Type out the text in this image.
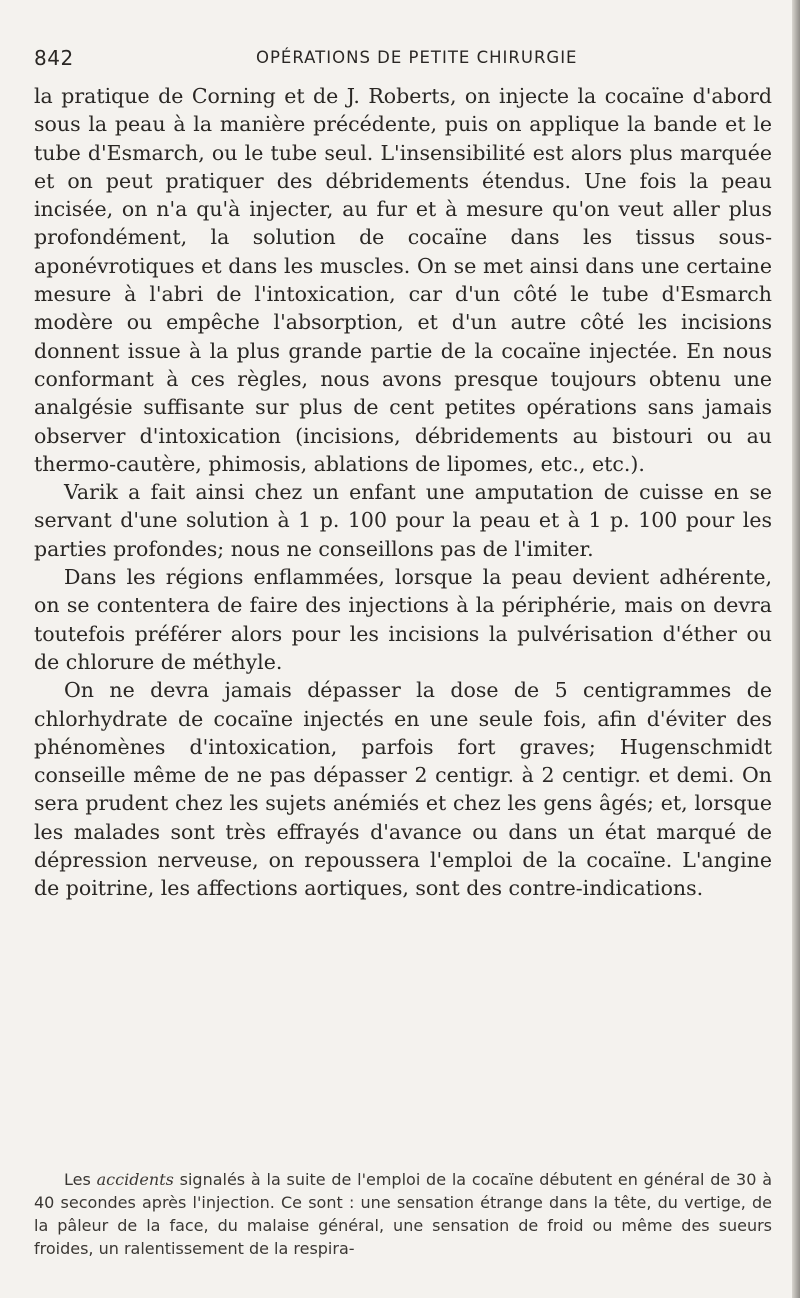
842	OPÉRATIONS DE PETITE CHIRURGIE

la pratique de Corning et de J. Roberts, on injecte la cocaïne d'abord sous la peau à la manière précédente, puis on applique la bande et le tube d'Esmarch, ou le tube seul. L'insensibilité est alors plus marquée et on peut pratiquer des débridements étendus. Une fois la peau incisée, on n'a qu'à injecter, au fur et à mesure qu'on veut aller plus profondément, la solution de cocaïne dans les tissus sous-aponévrotiques et dans les muscles. On se met ainsi dans une certaine mesure à l'abri de l'intoxication, car d'un côté le tube d'Esmarch modère ou empêche l'absorption, et d'un autre côté les incisions donnent issue à la plus grande partie de la cocaïne injectée. En nous conformant à ces règles, nous avons presque toujours obtenu une analgésie suffisante sur plus de cent petites opérations sans jamais observer d'intoxication (incisions, débridements au bistouri ou au thermo-cautère, phimosis, ablations de lipomes, etc., etc.).

Varik a fait ainsi chez un enfant une amputation de cuisse en se servant d'une solution à 1 p. 100 pour la peau et à 1 p. 100 pour les parties profondes; nous ne conseillons pas de l'imiter.

Dans les régions enflammées, lorsque la peau devient adhérente, on se contentera de faire des injections à la périphérie, mais on devra toutefois préférer alors pour les incisions la pulvérisation d'éther ou de chlorure de méthyle.

On ne devra jamais dépasser la dose de 5 centigrammes de chlorhydrate de cocaïne injectés en une seule fois, afin d'éviter des phénomènes d'intoxication, parfois fort graves; Hugenschmidt conseille même de ne pas dépasser 2 centigr. à 2 centigr. et demi. On sera prudent chez les sujets anémiés et chez les gens âgés; et, lorsque les malades sont très effrayés d'avance ou dans un état marqué de dépression nerveuse, on repoussera l'emploi de la cocaïne. L'angine de poitrine, les affections aortiques, sont des contre-indications.

Les accidents signalés à la suite de l'emploi de la cocaïne débutent en général de 30 à 40 secondes après l'injection. Ce sont : une sensation étrange dans la tête, du vertige, de la pâleur de la face, du malaise général, une sensation de froid ou même des sueurs froides, un ralentissement de la respira-
